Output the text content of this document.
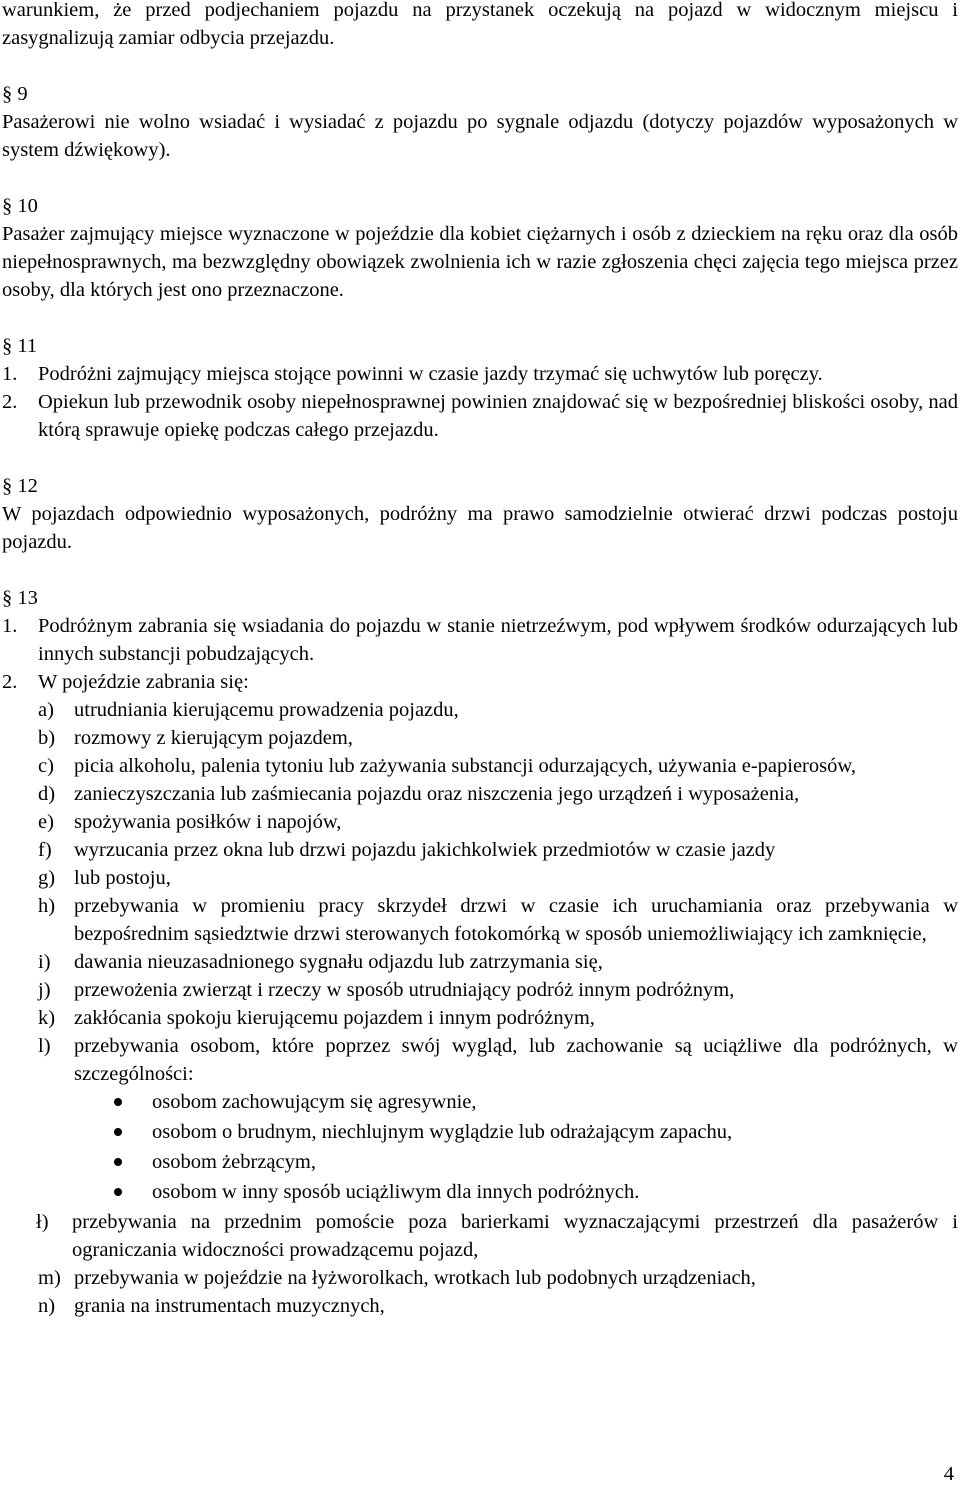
warunkiem, że przed podjechaniem pojazdu na przystanek oczekują na pojazd w widocznym miejscu i zasygnalizują zamiar odbycia przejazdu.

§ 9

Pasażerowi nie wolno wsiadać i wysiadać z pojazdu po sygnale odjazdu (dotyczy pojazdów wyposażonych w system dźwiękowy).

§ 10

Pasażer zajmujący miejsce wyznaczone w pojeździe dla kobiet ciężarnych i osób z dzieckiem na ręku oraz dla osób niepełnosprawnych, ma bezwzględny obowiązek zwolnienia ich w razie zgłoszenia chęci zajęcia tego miejsca przez osoby, dla których jest ono przeznaczone.

§ 11

1.	Podróżni zajmujący miejsca stojące powinni w czasie jazdy trzymać się uchwytów lub poręczy.
2.	Opiekun lub przewodnik osoby niepełnosprawnej powinien znajdować się w bezpośredniej bliskości osoby, nad którą sprawuje opiekę podczas całego przejazdu.

§ 12

W pojazdach odpowiednio wyposażonych, podróżny ma prawo samodzielnie otwierać drzwi podczas postoju pojazdu.

§ 13

1.	Podróżnym zabrania się wsiadania do pojazdu w stanie nietrzeźwym, pod wpływem środków odurzających lub innych substancji pobudzających.
2.	W pojeździe zabrania się:
a) utrudniania kierującemu prowadzenia pojazdu,
b) rozmowy z kierującym pojazdem,
c) picia alkoholu, palenia tytoniu lub zażywania substancji odurzających, używania e-papierosów,
d) zanieczyszczania lub zaśmiecania pojazdu oraz niszczenia jego urządzeń i wyposażenia,
e) spożywania posiłków i napojów,
f)	wyrzucania przez okna lub drzwi pojazdu jakichkolwiek przedmiotów w czasie jazdy
g) lub postoju,
h) przebywania w promieniu pracy skrzydeł drzwi w czasie ich uruchamiania oraz przebywania w bezpośrednim sąsiedztwie drzwi sterowanych fotokomórką w sposób uniemożliwiający ich zamknięcie,
i)	dawania nieuzasadnionego sygnału odjazdu lub zatrzymania się,
j)	przewożenia zwierząt i rzeczy w sposób utrudniający podróż innym podróżnym,
k) zakłócania spokoju kierującemu pojazdem i innym podróżnym,
l)	przebywania osobom, które poprzez swój wygląd, lub zachowanie są uciążliwe dla podróżnych, w szczególności:
osobom zachowującym się agresywnie,
osobom o brudnym, niechlujnym wyglądzie lub odrażającym zapachu,
osobom żebrzącym,
osobom w inny sposób uciążliwym dla innych podróżnych.
ł)	przebywania na przednim pomoście poza barierkami wyznaczającymi przestrzeń dla pasażerów i ograniczania widoczności prowadzącemu pojazd,
m) przebywania w pojeździe na łyżworolkach, wrotkach lub podobnych urządzeniach,
n) grania na instrumentach muzycznych,
4
